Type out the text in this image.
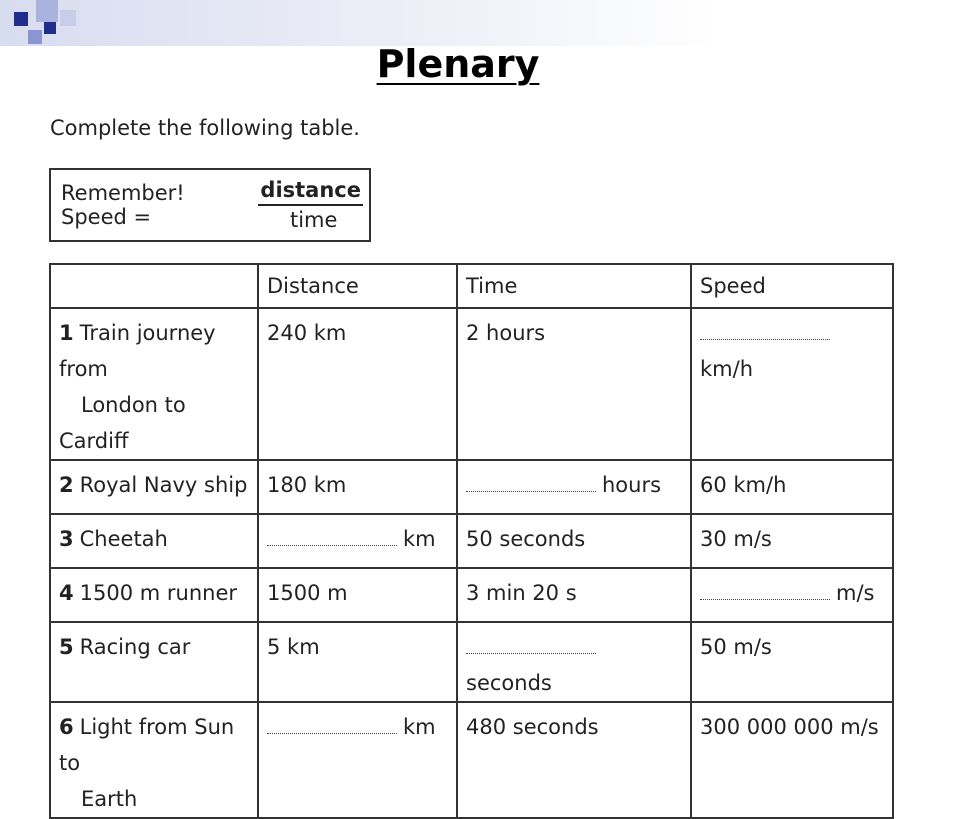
Plenary
Complete the following table.
Remember! Speed =	$\frac{\text{distance}}{\text{time}}$
	Distance	Time	Speed
1 Train journey from
London to Cardiff	240 km	2 hours	km/h
2 Royal Navy ship	180 km	hours	60 km/h
3 Cheetah	km	50 seconds	30 m/s
4 1500 m runner	1500 m	3 min 20 s	m/s
5 Racing car	5 km	seconds	50 m/s
6 Light from Sun to
Earth	km	480 seconds	300 000 000 m/s
